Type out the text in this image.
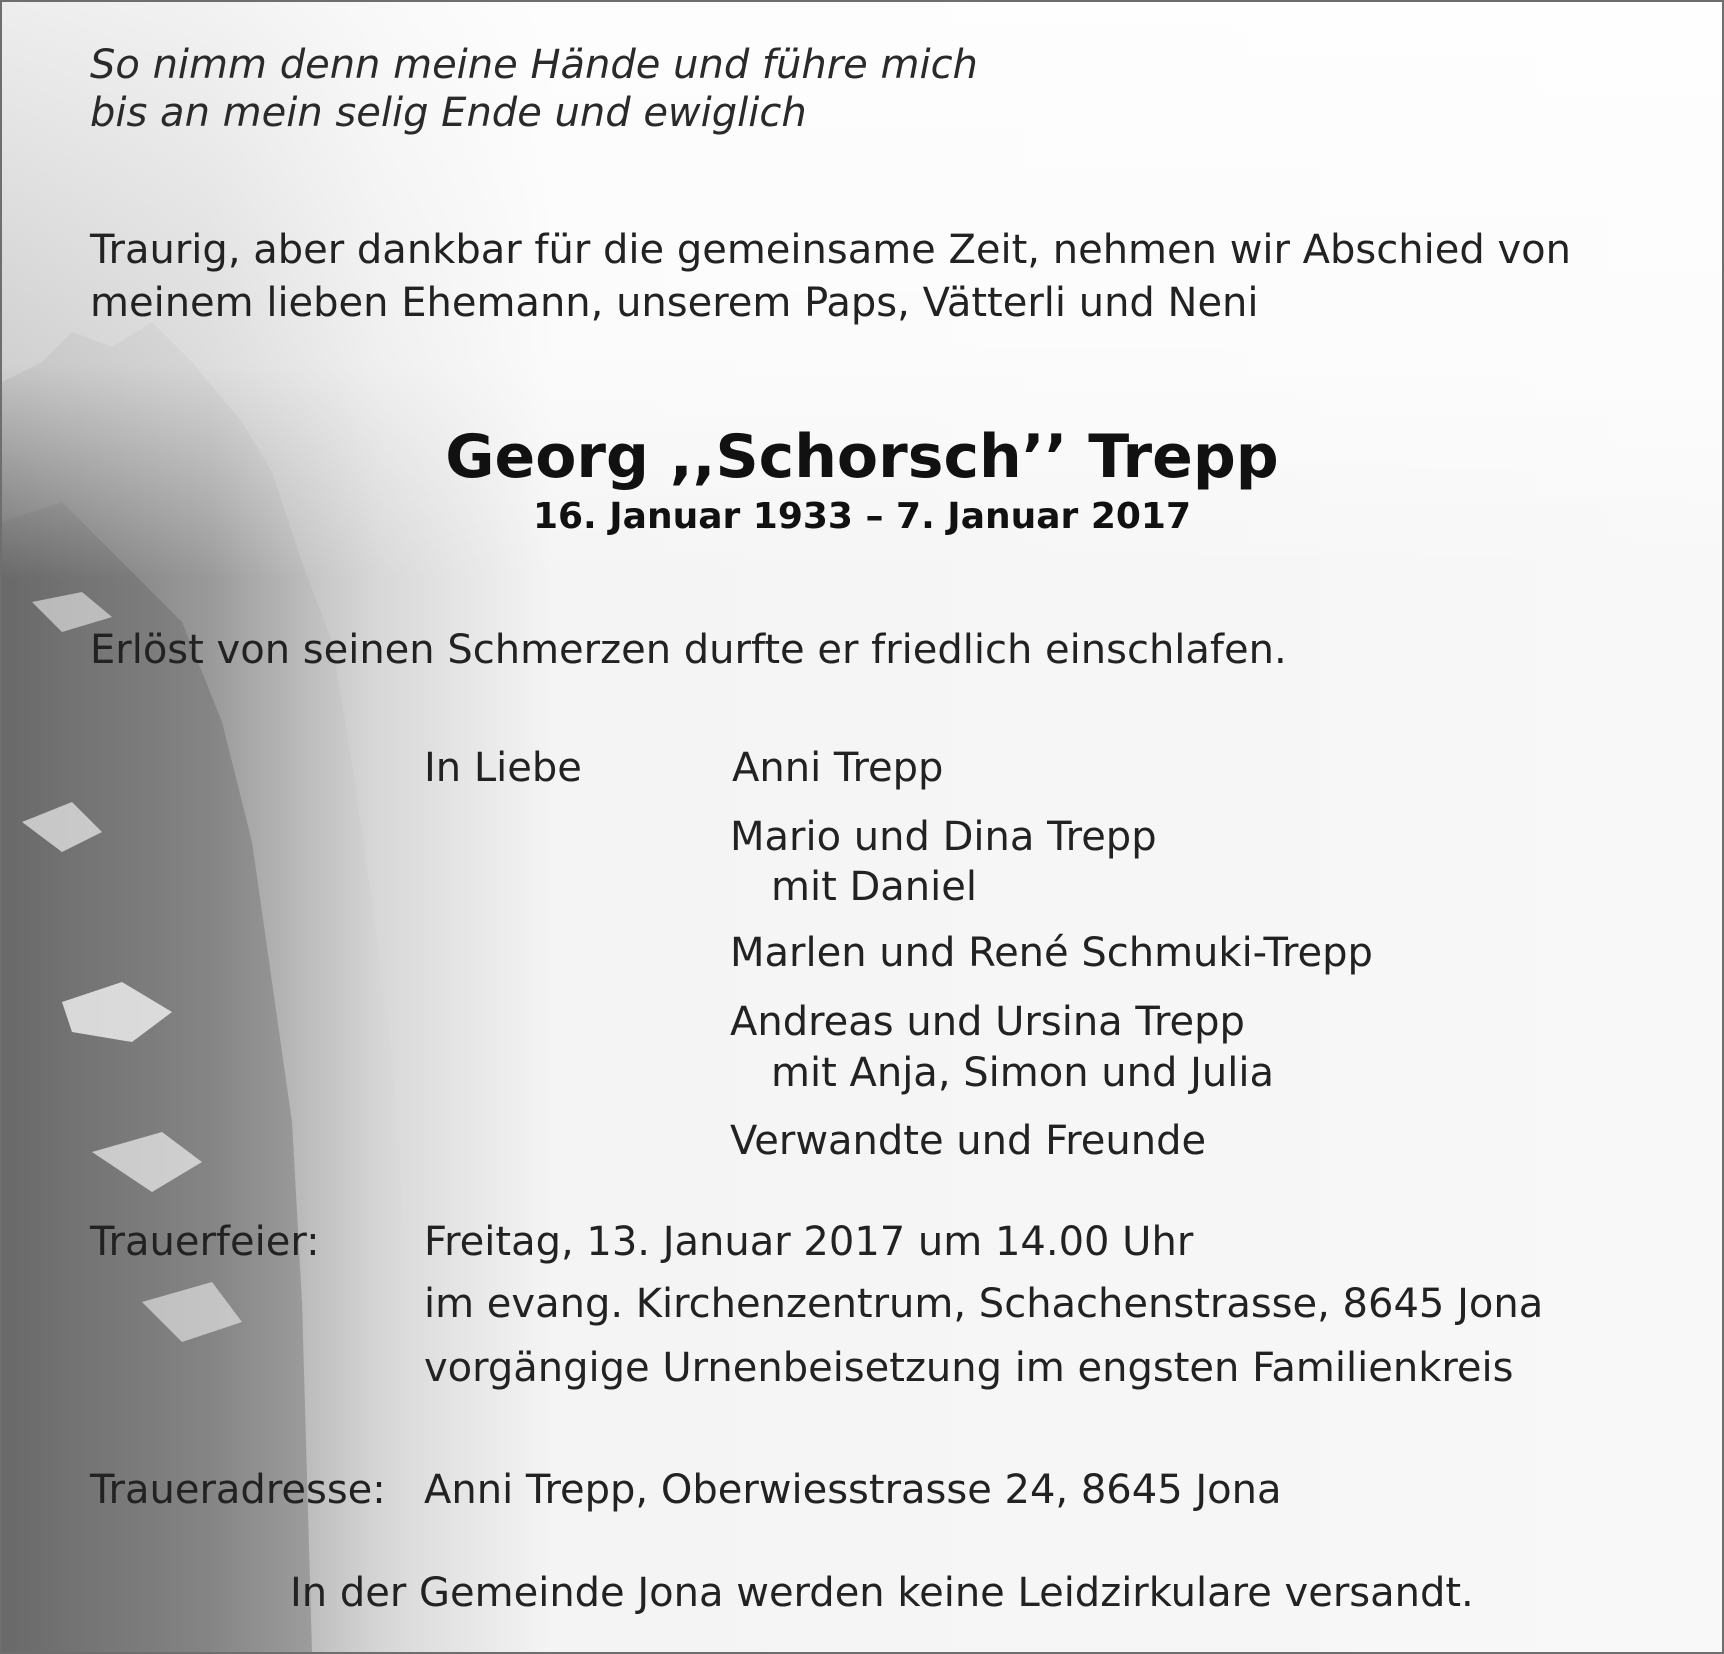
So nimm denn meine Hände und führe mich

bis an mein selig Ende und ewiglich

Traurig, aber dankbar für die gemeinsame Zeit, nehmen wir Abschied von

meinem lieben Ehemann, unserem Paps, Vätterli und Neni

Georg ,,Schorsch’’ Trepp

16. Januar 1933 – 7. Januar 2017

Erlöst von seinen Schmerzen durfte er friedlich einschlafen.

In Liebe	Anni Trepp

Mario und Dina Trepp

mit Daniel

Marlen und René Schmuki-Trepp

Andreas und Ursina Trepp

mit Anja, Simon und Julia

Verwandte und Freunde

Trauerfeier:	Freitag, 13. Januar 2017 um 14.00 Uhr

im evang. Kirchenzentrum, Schachenstrasse, 8645 Jona

vorgängige Urnenbeisetzung im engsten Familienkreis

Traueradresse: Anni Trepp, Oberwiesstrasse 24, 8645 Jona

In der Gemeinde Jona werden keine Leidzirkulare versandt.
